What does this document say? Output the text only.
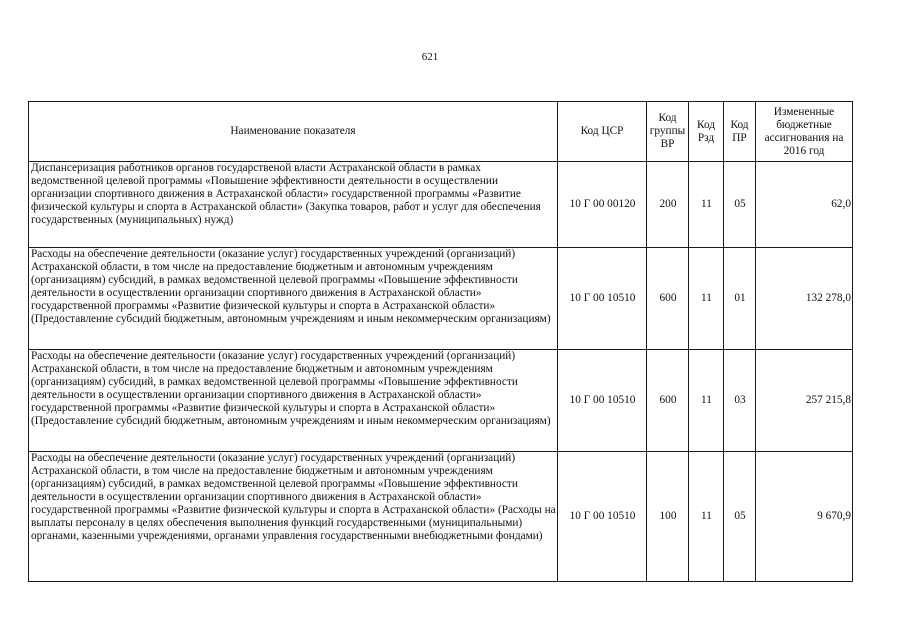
621
Наименование показателя	Код ЦСР	Код группы ВР	Код Рзд	Код ПР	Измененные бюджетные ассигнования на 2016 год
Диспансеризация работников органов государственой власти Астраханской области в рамках ведомственной целевой программы «Повышение эффективности деятельности в осуществлении организации спортивного движения в Астраханской области» государственной программы «Развитие физической культуры и спорта в Астраханской области» (Закупка товаров, работ и услуг для обеспечения государственных (муниципальных) нужд)	10 Г 00 00120	200	11	05	62,0
Расходы на обеспечение деятельности (оказание услуг) государственных учреждений (организаций) Астраханской области, в том числе на предоставление бюджетным и автономным учреждениям (организациям) субсидий, в рамках ведомственной целевой программы «Повышение эффективности деятельности в осуществлении организации спортивного движения в Астраханской области» государственной программы «Развитие физической культуры и спорта в Астраханской области» (Предоставление субсидий бюджетным, автономным учреждениям и иным некоммерческим организациям)	10 Г 00 10510	600	11	01	132 278,0
Расходы на обеспечение деятельности (оказание услуг) государственных учреждений (организаций) Астраханской области, в том числе на предоставление бюджетным и автономным учреждениям (организациям) субсидий, в рамках ведомственной целевой программы «Повышение эффективности деятельности в осуществлении организации спортивного движения в Астраханской области» государственной программы «Развитие физической культуры и спорта в Астраханской области» (Предоставление субсидий бюджетным, автономным учреждениям и иным некоммерческим организациям)	10 Г 00 10510	600	11	03	257 215,8
Расходы на обеспечение деятельности (оказание услуг) государственных учреждений (организаций) Астраханской области, в том числе на предоставление бюджетным и автономным учреждениям (организациям) субсидий, в рамках ведомственной целевой программы «Повышение эффективности деятельности в осуществлении организации спортивного движения в Астраханской области» государственной программы «Развитие физической культуры и спорта в Астраханской области» (Расходы на выплаты персоналу в целях обеспечения выполнения функций государственными (муниципальными) органами, казенными учреждениями, органами управления государственными внебюджетными фондами)	10 Г 00 10510	100	11	05	9 670,9
